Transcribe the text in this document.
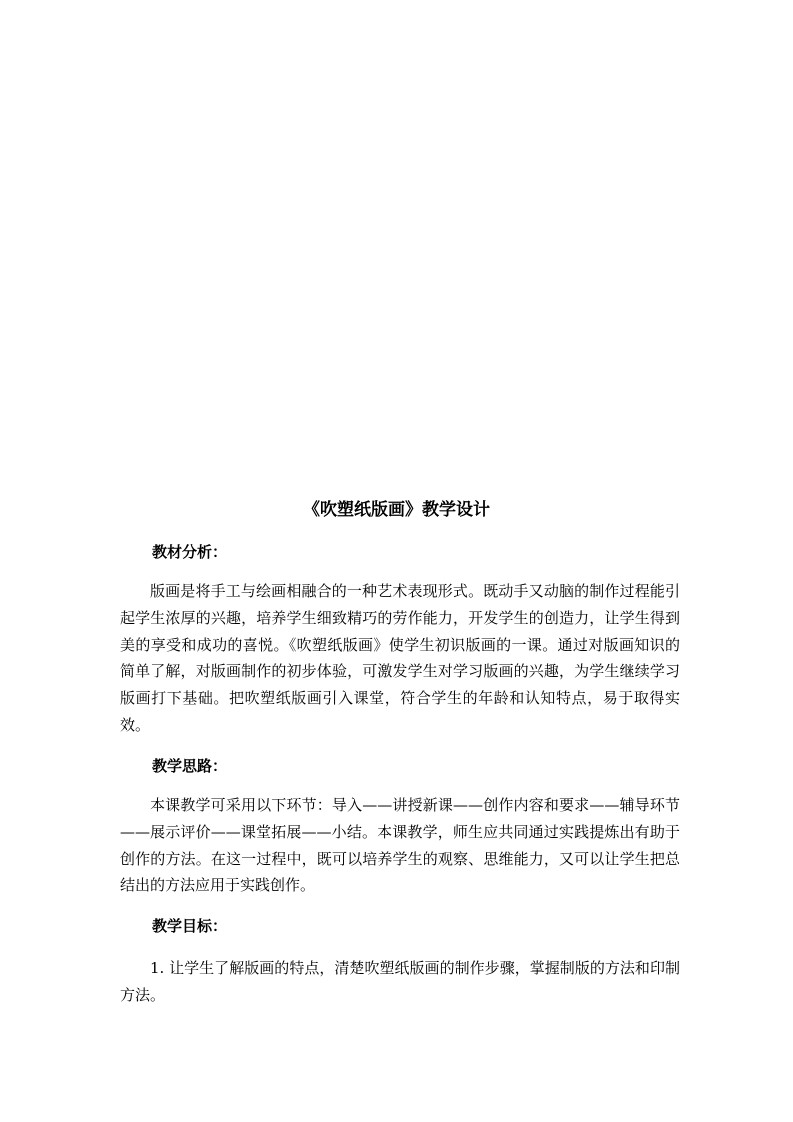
《吹塑纸版画》教学设计
教材分析：

版画是将手工与绘画相融合的一种艺术表现形式。既动手又动脑的制作过程能引起学生浓厚的兴趣，培养学生细致精巧的劳作能力，开发学生的创造力，让学生得到美的享受和成功的喜悦。《吹塑纸版画》使学生初识版画的一课。通过对版画知识的简单了解，对版画制作的初步体验，可激发学生对学习版画的兴趣，为学生继续学习版画打下基础。把吹塑纸版画引入课堂，符合学生的年龄和认知特点，易于取得实效。

教学思路：

本课教学可采用以下环节：导入——讲授新课——创作内容和要求——辅导环节——展示评价——课堂拓展——小结。本课教学，师生应共同通过实践提炼出有助于创作的方法。在这一过程中，既可以培养学生的观察、思维能力，又可以让学生把总结出的方法应用于实践创作。

教学目标：

1. 让学生了解版画的特点，清楚吹塑纸版画的制作步骤，掌握制版的方法和印制方法。
